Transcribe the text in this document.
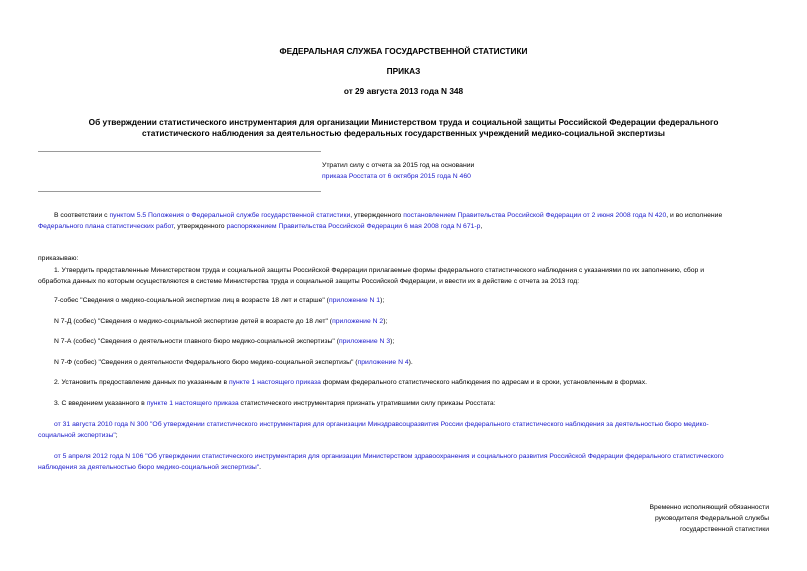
ФЕДЕРАЛЬНАЯ СЛУЖБА ГОСУДАРСТВЕННОЙ СТАТИСТИКИ
ПРИКАЗ
от 29 августа 2013 года N 348
Об утверждении статистического инструментария для организации Министерством труда и социальной защиты Российской Федерации федерального
статистического наблюдения за деятельностью федеральных государственных учреждений медико-социальной экспертизы
Утратил силу с отчета за 2015 год на основании
приказа Росстата от 6 октября 2015 года N 460
В соответствии с пунктом 5.5 Положения о Федеральной службе государственной статистики, утвержденного постановлением Правительства Российской Федерации от 2 июня 2008 года N 420, и во исполнение
Федерального плана статистических работ, утвержденного распоряжением Правительства Российской Федерации 6 мая 2008 года N 671-р,
приказываю:
1. Утвердить представленные Министерством труда и социальной защиты Российской Федерации прилагаемые формы федерального статистического наблюдения с указаниями по их заполнению, сбор и
обработка данных по которым осуществляются в системе Министерства труда и социальной защиты Российской Федерации, и ввести их в действие с отчета за 2013 год:
7-собес "Сведения о медико-социальной экспертизе лиц в возрасте 18 лет и старше" (приложение N 1);
N 7-Д (собес) "Сведения о медико-социальной экспертизе детей в возрасте до 18 лет" (приложение N 2);
N 7-А (собес) "Сведения о деятельности главного бюро медико-социальной экспертизы" (приложение N 3);
N 7-Ф (собес) "Сведения о деятельности Федерального бюро медико-социальной экспертизы" (приложение N 4).
2. Установить предоставление данных по указанным в пункте 1 настоящего приказа формам федерального статистического наблюдения по адресам и в сроки, установленным в формах.
3. С введением указанного в пункте 1 настоящего приказа статистического инструментария признать утратившими силу приказы Росстата:
от 31 августа 2010 года N 300 "Об утверждении статистического инструментария для организации Минздравсоцразвития России федерального статистического наблюдения за деятельностью бюро медико-
социальной экспертизы";
от 5 апреля 2012 года N 106 "Об утверждении статистического инструментария для организации Министерством здравоохранения и социального развития Российской Федерации федерального статистического
наблюдения за деятельностью бюро медико-социальной экспертизы".
Временно исполняющий обязанности
руководителя Федеральной службы
государственной статистики
